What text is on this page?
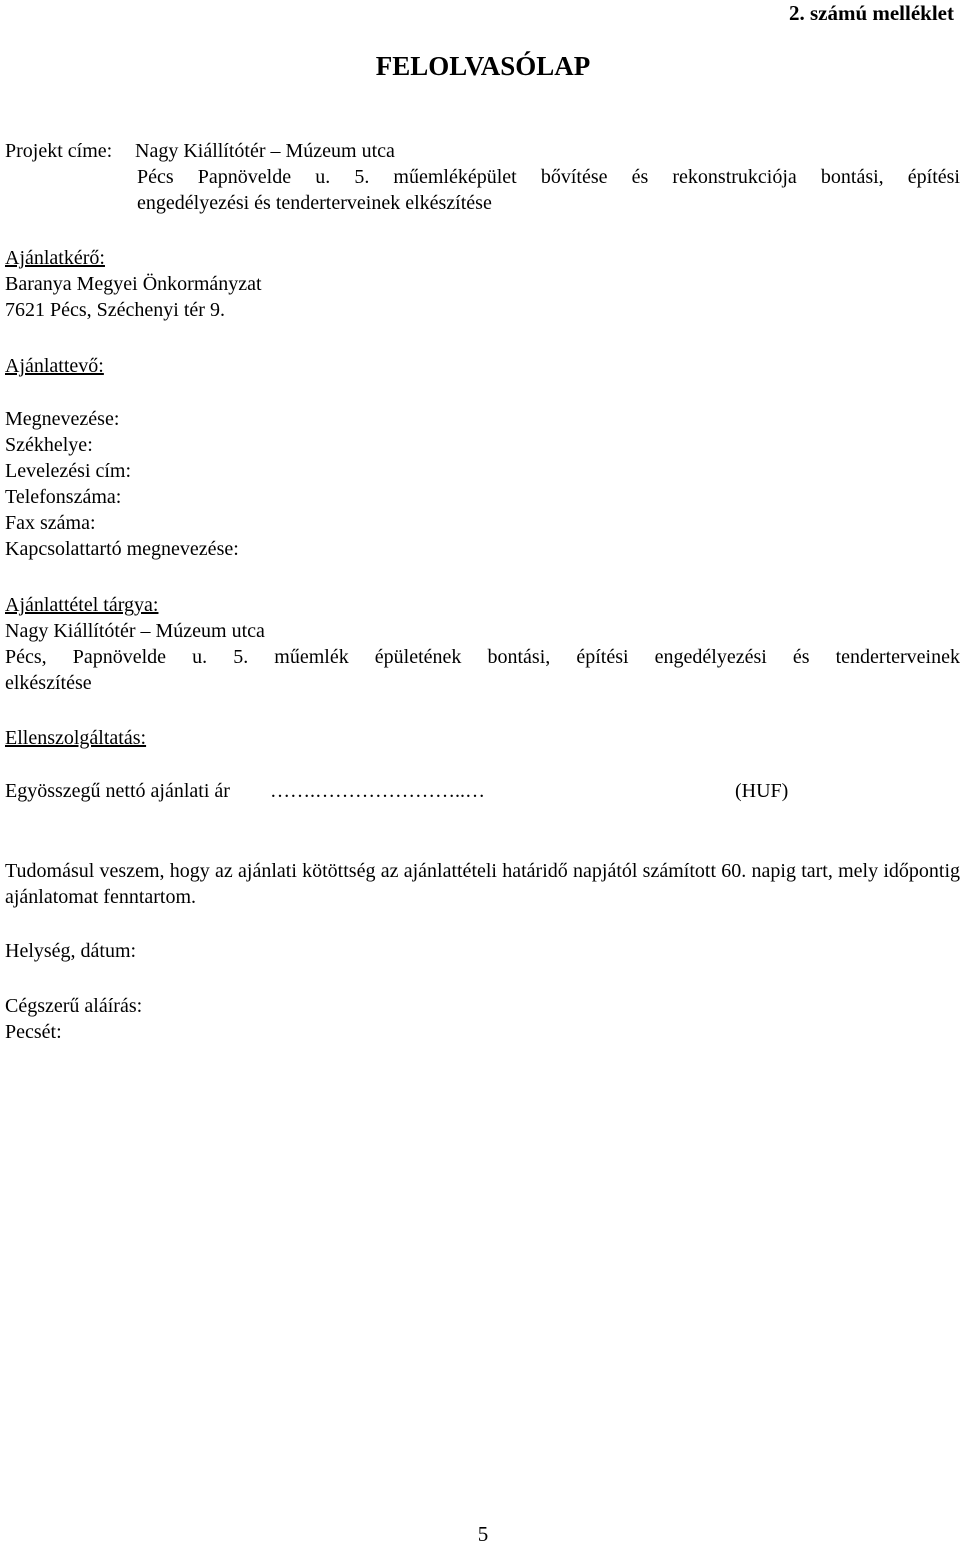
2. számú melléklet

FELOLVASÓLAP

Projekt címe: Nagy Kiállítótér – Múzeum utca

Pécs Papnövelde u. 5. műemléképület bővítése és rekonstrukciója bontási, építési

engedélyezési és tenderterveinek elkészítése

Ajánlatkérő:

Baranya Megyei Önkormányzat

7621 Pécs, Széchenyi tér 9.

Ajánlattevő:

Megnevezése:

Székhelye:

Levelezési cím:

Telefonszáma:

Fax száma:

Kapcsolattartó megnevezése:

Ajánlattétel tárgya:

Nagy Kiállítótér – Múzeum utca

Pécs, Papnövelde u. 5. műemlék épületének bontási, építési engedélyezési és tenderterveinek

elkészítése

Ellenszolgáltatás:

Egyösszegű nettó ajánlati ár …….…………………..…	(HUF)

Tudomásul veszem, hogy az ajánlati kötöttség az ajánlattételi határidő napjától számított 60. napig tart, mely időpontig ajánlatomat fenntartom.

Helység, dátum:

Cégszerű aláírás:

Pecsét:

5
